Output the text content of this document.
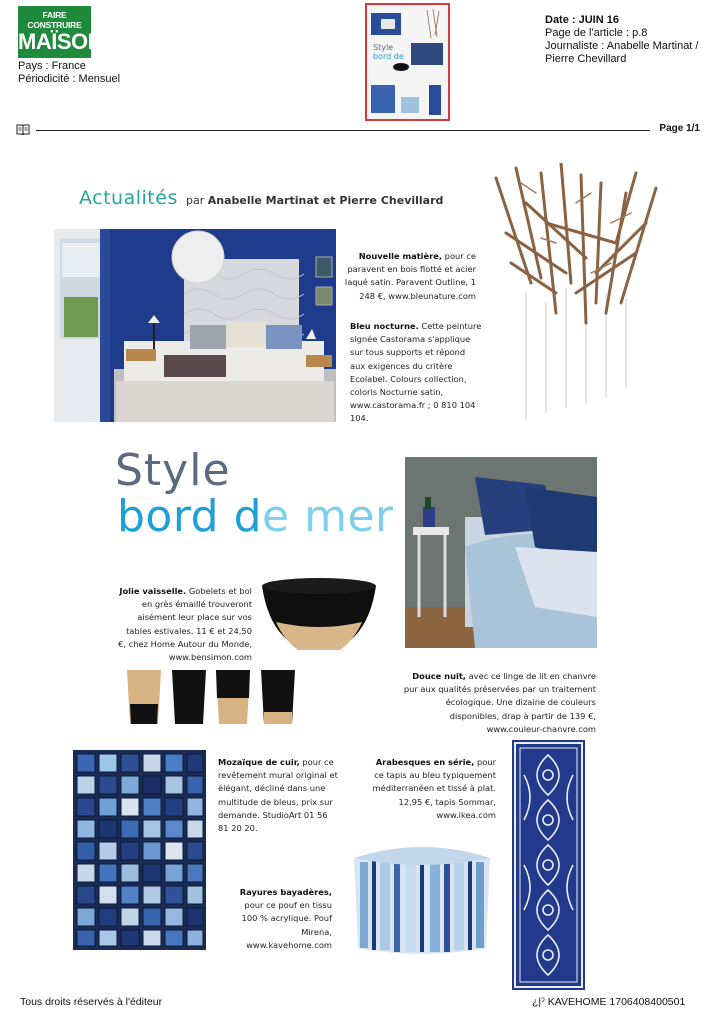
FAIRE CONSTRUIRE
MAÏSON
Pays : France
Périodicité : Mensuel
Style
bord de
Date : JUIN 16
Page de l'article : p.8
Journaliste : Anabelle Martinat / Pierre Chevillard
Page 1/1
Actualités par Anabelle Martinat et Pierre Chevillard
Nouvelle matière, pour ce paravent en bois flotté et acier laqué satin. Paravent Outline, 1 248 €, www.bleunature.com
Bleu nocturne. Cette peinture signée Castorama s'applique sur tous supports et répond aux exigences du critère Ecolabel. Colours collection, coloris Nocturne satin, www.castorama.fr ; 0 810 104 104.
Style
bord de mer
Jolie vaisselle. Gobelets et bol en grès émaillé trouveront aisément leur place sur vos tables estivales. 11 € et 24,50 €, chez Home Autour du Monde, www.bensimon.com
Douce nuit, avec ce linge de lit en chanvre pur aux qualités préservées par un traitement écologique. Une dizaine de couleurs disponibles, drap à partir de 139 €, www.couleur-chanvre.com
Mozaïque de cuir, pour ce revêtement mural original et élégant, décliné dans une multitude de bleus, prix sur demande. StudioArt 01 56 81 20 20.
Arabesques en série, pour ce tapis au bleu typiquement méditerranéen et tissé à plat. 12,95 €, tapis Sommar, www.ikea.com
Rayures bayadères, pour ce pouf en tissu 100 % acrylique. Pouf Mirena, www.kavehome.com
Tous droits réservés à l'éditeur	¿|ˀ KAVEHOME 1706408400501
